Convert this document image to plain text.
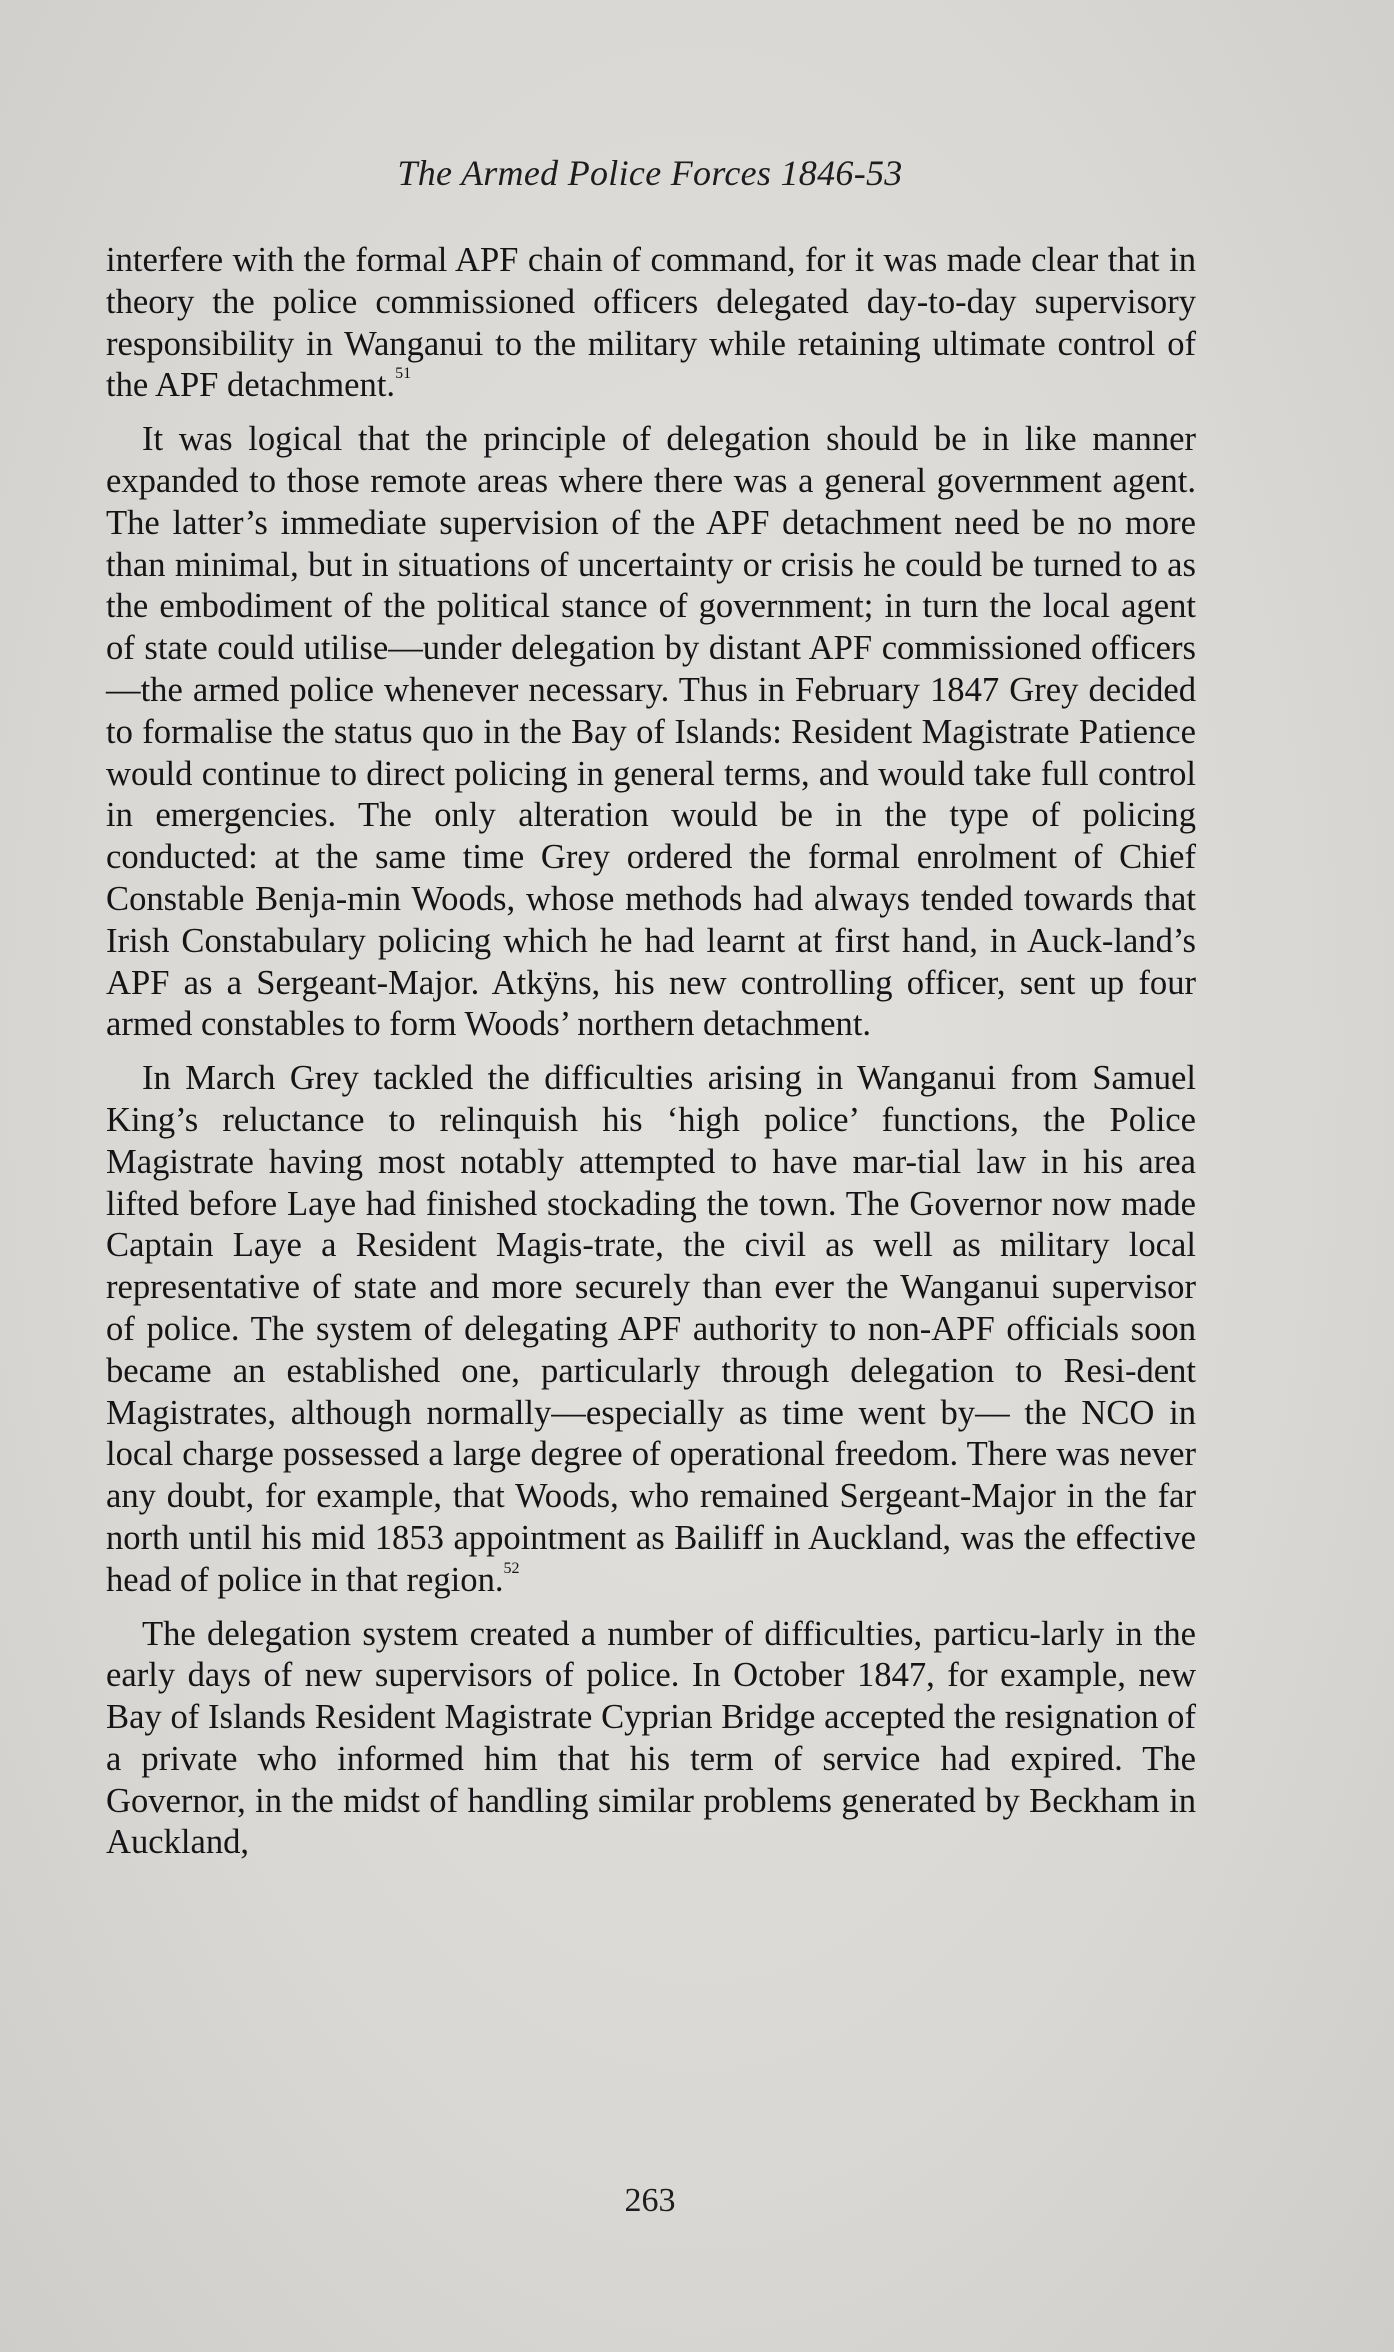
The Armed Police Forces 1846-53

interfere with the formal APF chain of command, for it was made clear that in theory the police commissioned officers delegated day-to-day supervisory responsibility in Wanganui to the military while retaining ultimate control of the APF detachment.$^{51}$

It was logical that the principle of delegation should be in like manner expanded to those remote areas where there was a general government agent. The latter’s immediate supervision of the APF detachment need be no more than minimal, but in situations of uncertainty or crisis he could be turned to as the embodiment of the political stance of government; in turn the local agent of state could utilise—under delegation by distant APF commissioned officers—the armed police whenever necessary. Thus in February 1847 Grey decided to formalise the status quo in the Bay of Islands: Resident Magistrate Patience would continue to direct policing in general terms, and would take full control in emergencies. The only alteration would be in the type of policing conducted: at the same time Grey ordered the formal enrolment of Chief Constable Benja-min Woods, whose methods had always tended towards that Irish Constabulary policing which he had learnt at first hand, in Auck-land’s APF as a Sergeant-Major. Atkÿns, his new controlling officer, sent up four armed constables to form Woods’ northern detachment.

In March Grey tackled the difficulties arising in Wanganui from Samuel King’s reluctance to relinquish his ‘high police’ functions, the Police Magistrate having most notably attempted to have mar-tial law in his area lifted before Laye had finished stockading the town. The Governor now made Captain Laye a Resident Magis-trate, the civil as well as military local representative of state and more securely than ever the Wanganui supervisor of police. The system of delegating APF authority to non-APF officials soon became an established one, particularly through delegation to Resi-dent Magistrates, although normally—especially as time went by— the NCO in local charge possessed a large degree of operational freedom. There was never any doubt, for example, that Woods, who remained Sergeant-Major in the far north until his mid 1853 appointment as Bailiff in Auckland, was the effective head of police in that region.$^{52}$

The delegation system created a number of difficulties, particu-larly in the early days of new supervisors of police. In October 1847, for example, new Bay of Islands Resident Magistrate Cyprian Bridge accepted the resignation of a private who informed him that his term of service had expired. The Governor, in the midst of handling similar problems generated by Beckham in Auckland,

263
